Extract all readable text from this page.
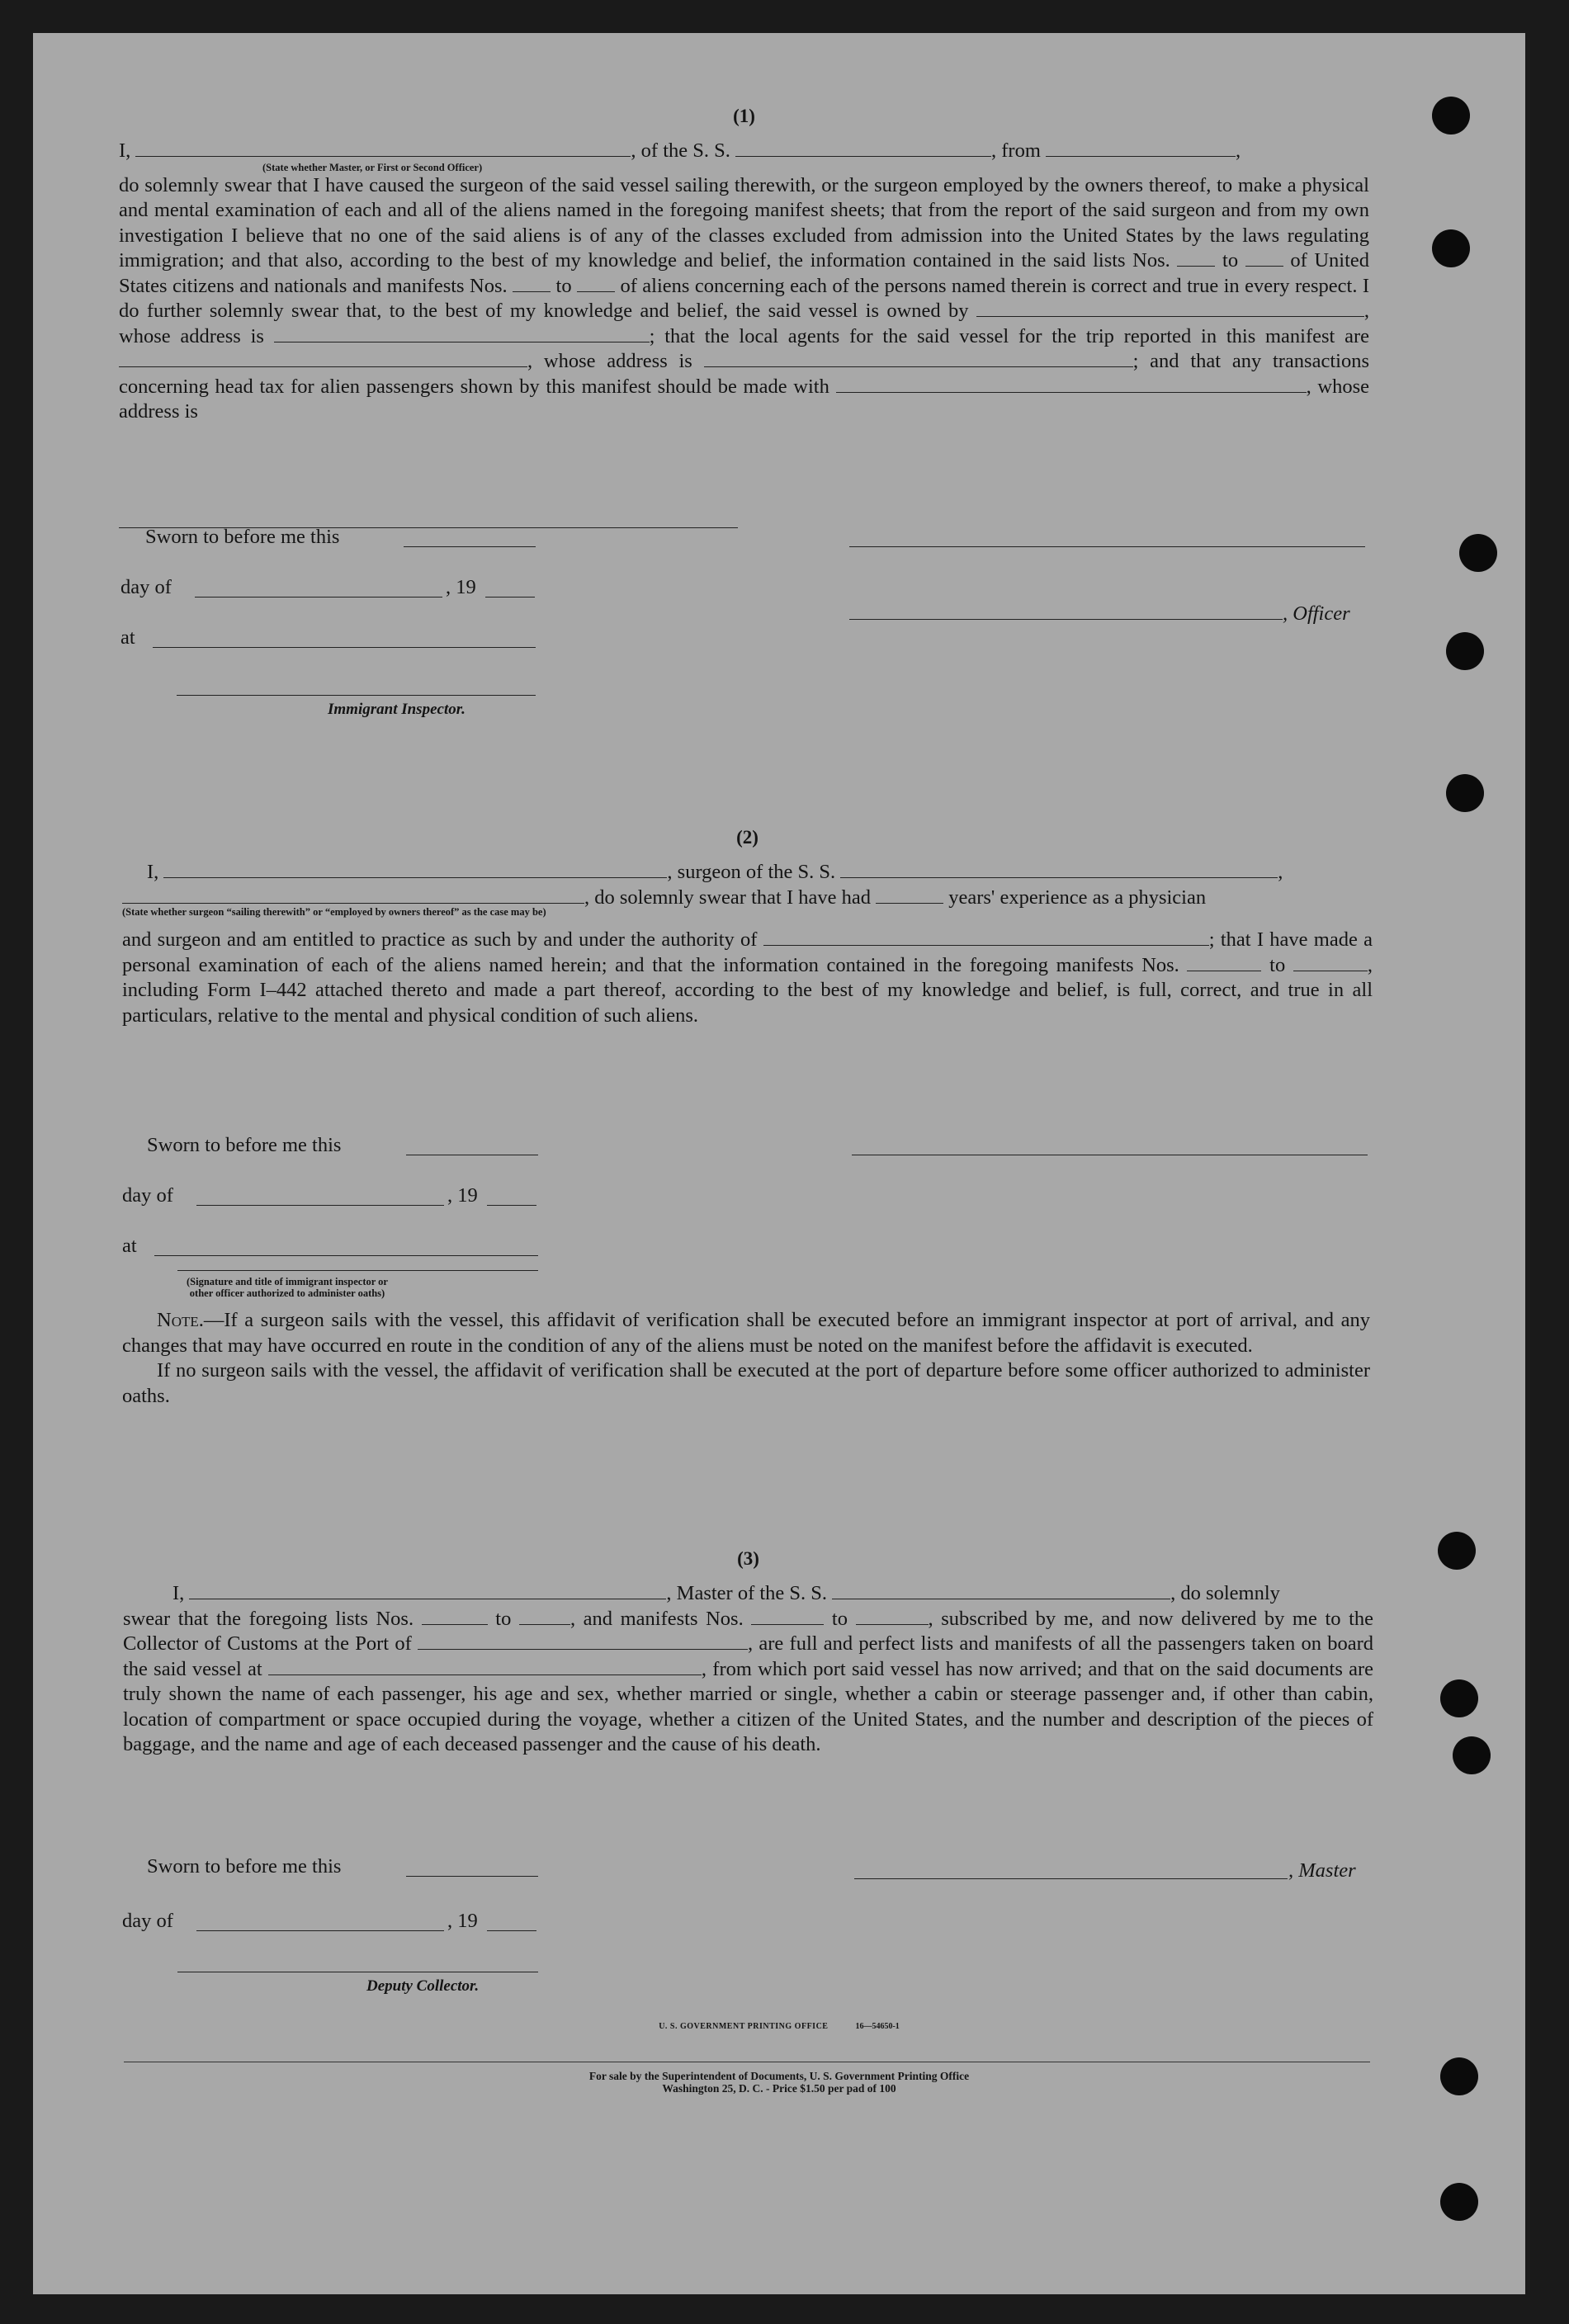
(1)
I,	, of the S. S.	, from	,
(State whether Master, or First or Second Officer)
do solemnly swear that I have caused the surgeon of the said vessel sailing therewith, or the surgeon employed by the owners thereof, to make a physical and mental examination of each and all of the aliens named in the foregoing manifest sheets; that from the report of the said surgeon and from my own investigation I believe that no one of the said aliens is of any of the classes excluded from admission into the United States by the laws regulating immigration; and that also, according to the best of my knowledge and belief, the information contained in the said lists Nos.	to	of United States citizens and nationals and manifests Nos. to of aliens concerning each of the persons named therein is correct and true in every respect. I do further solemnly swear that, to the best of my knowledge and belief, the said vessel is owned by	, whose address is	; that the local agents for the said vessel for the trip reported in this manifest are , whose address is	; and that any transactions concerning head tax for alien passengers shown by this manifest should be made with	, whose address is
Sworn to before me this
day of	, 19
at
Immigrant Inspector.
, Officer
(2)
I,	, surgeon of the S. S.	,
, do solemnly swear that I have had	years' experience as a physician
(State whether surgeon “sailing therewith” or “employed by owners thereof” as the case may be)
and surgeon and am entitled to practice as such by and under the authority of	; that I have made a personal examination of each of the aliens named herein; and that the information contained in the foregoing manifests Nos.	to	, including Form I–442 attached thereto and made a part thereof, according to the best of my knowledge and belief, is full, correct, and true in all particulars, relative to the mental and physical condition of such aliens.
Sworn to before me this
day of	, 19
at
(Signature and title of immigrant inspector or
other officer authorized to administer oaths)
Note.—If a surgeon sails with the vessel, this affidavit of verification shall be executed before an immigrant inspector at port of arrival, and any changes that may have occurred en route in the condition of any of the aliens must be noted on the manifest before the affidavit is executed.
If no surgeon sails with the vessel, the affidavit of verification shall be executed at the port of departure before some officer authorized to administer oaths.
(3)
I,	, Master of the S. S.	, do solemnly
swear that the foregoing lists Nos.	to	, and manifests Nos.	to	, subscribed by me, and now delivered by me to the Collector of Customs at the Port of	, are full and perfect lists and manifests of all the passengers taken on board the said vessel at	, from which port said vessel has now arrived; and that on the said documents are truly shown the name of each passenger, his age and sex, whether married or single, whether a cabin or steerage passenger and, if other than cabin, location of compartment or space occupied during the voyage, whether a citizen of the United States, and the number and description of the pieces of baggage, and the name and age of each deceased passenger and the cause of his death.
Sworn to before me this
day of	, 19
, Master
Deputy Collector.
U. S. GOVERNMENT PRINTING OFFICE	16—54650-1
For sale by the Superintendent of Documents, U. S. Government Printing Office
Washington 25, D. C. - Price $1.50 per pad of 100
